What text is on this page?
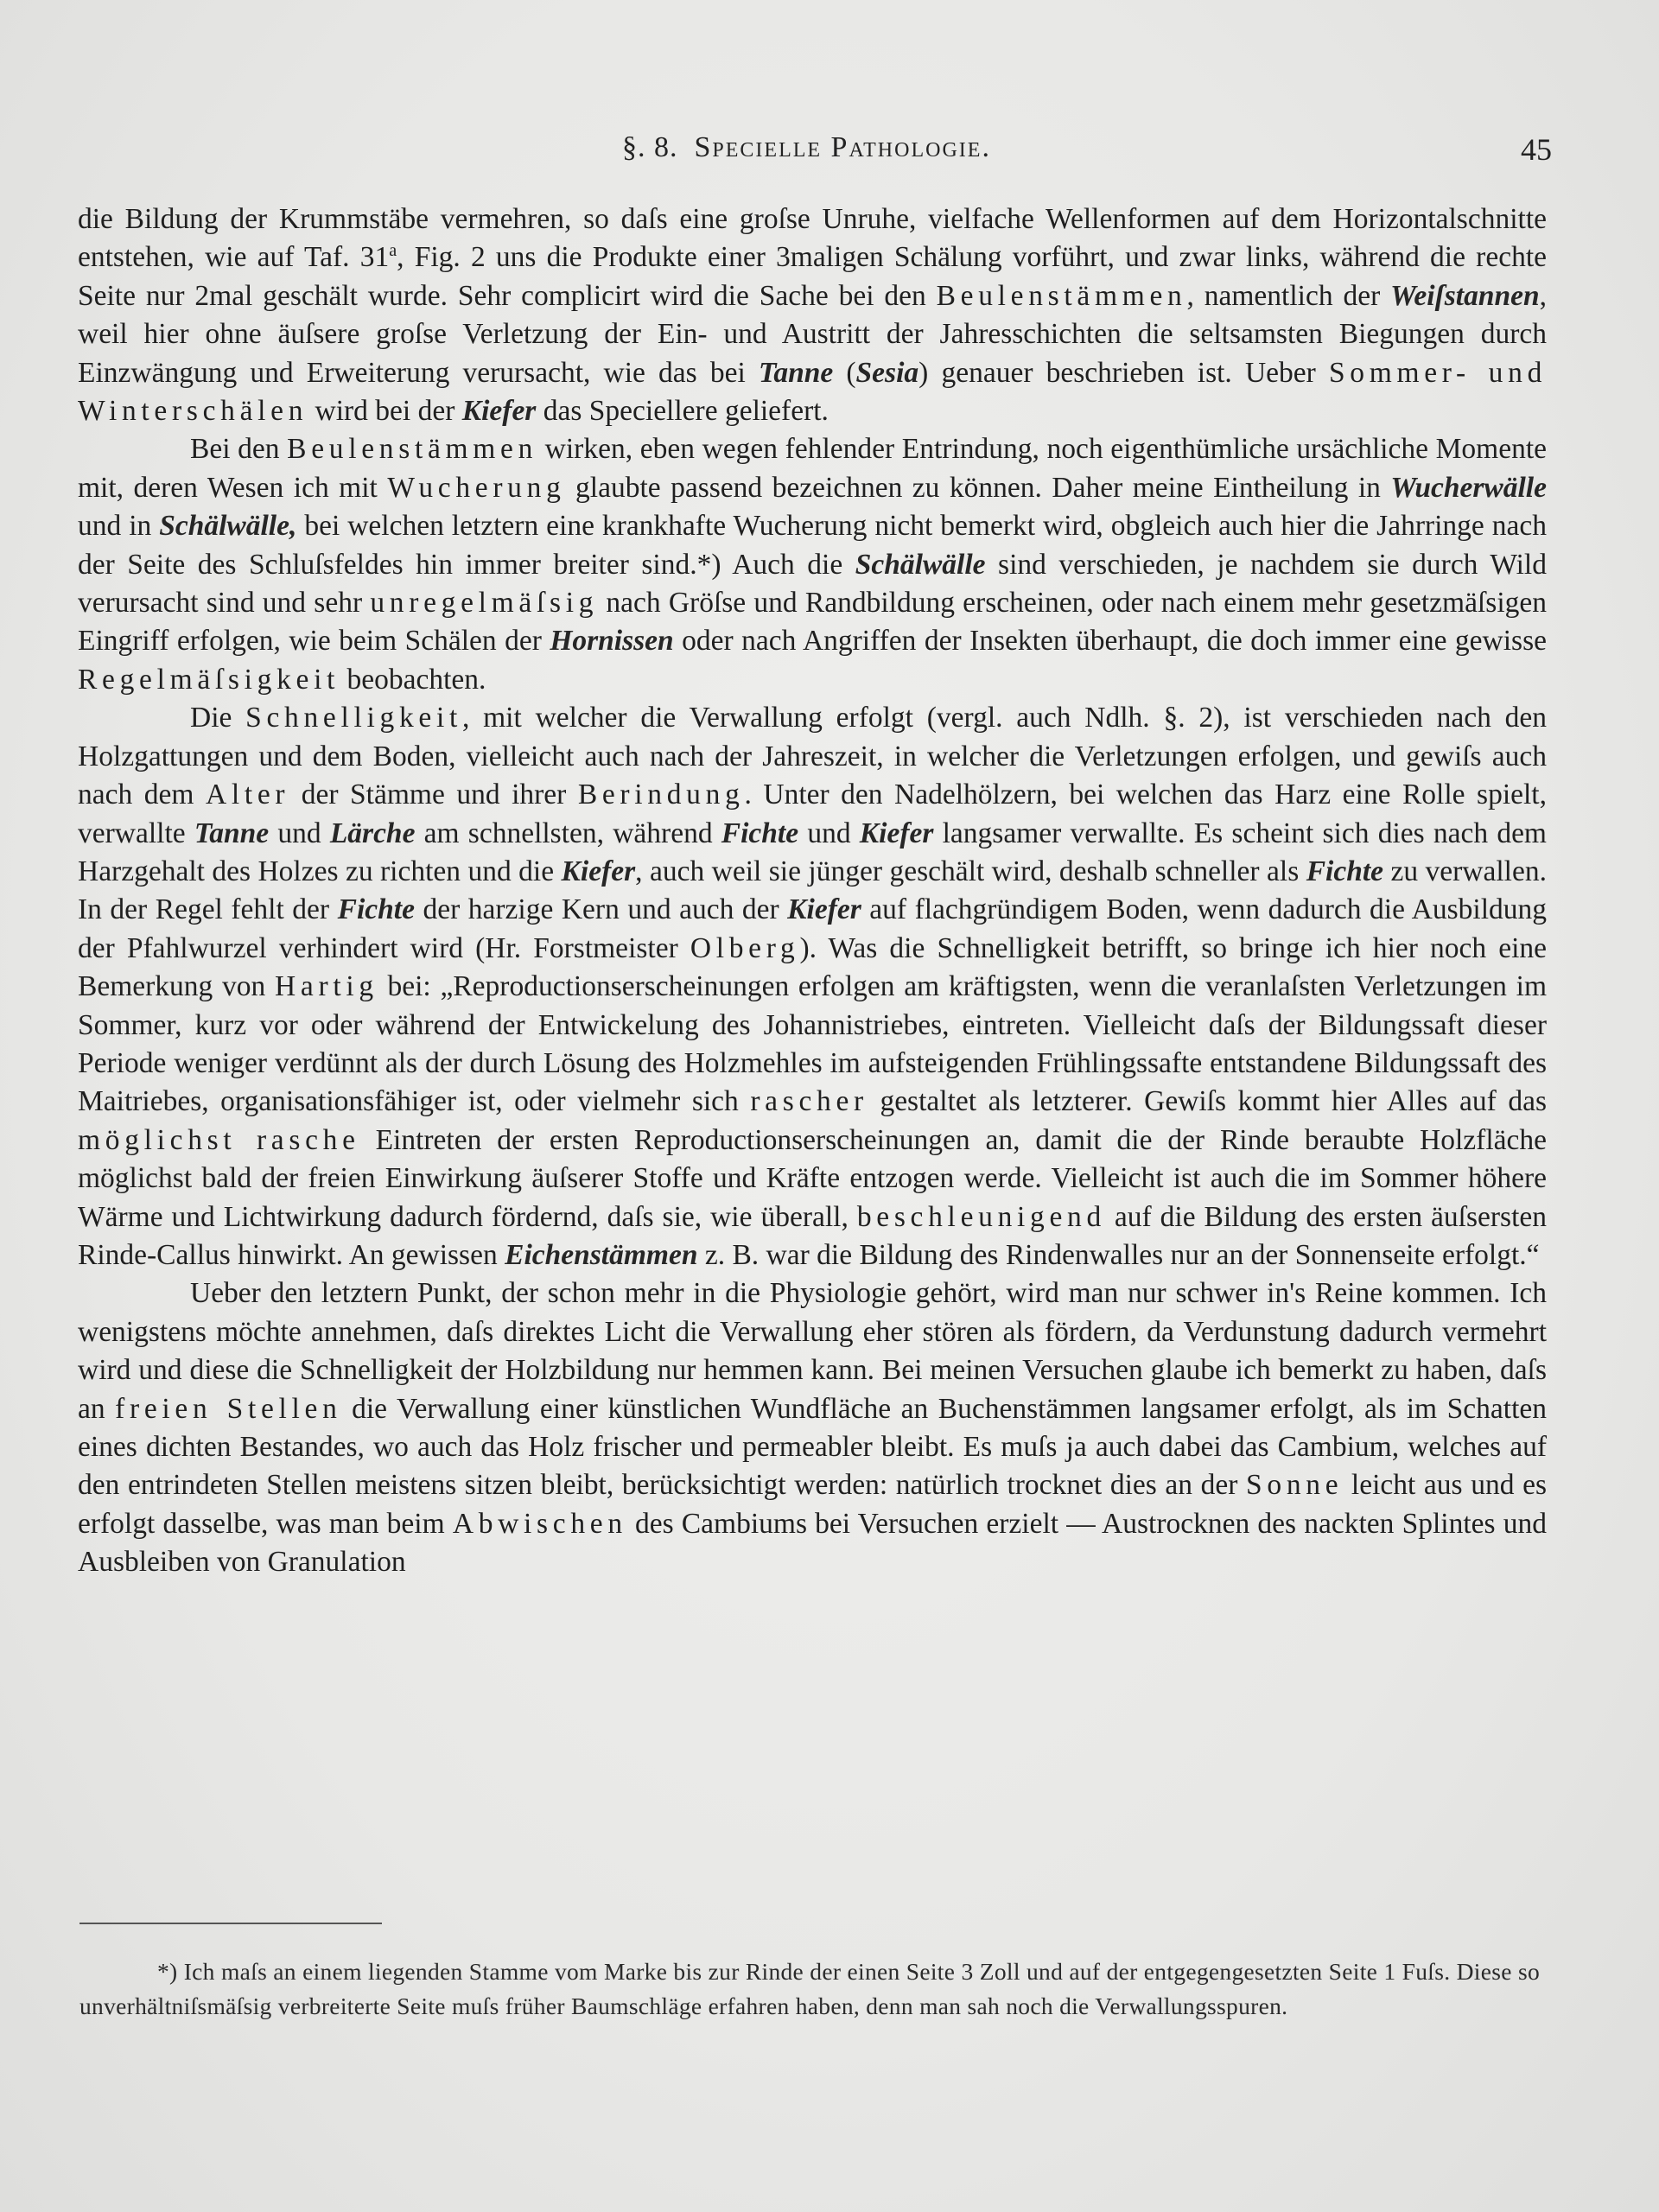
§. 8. Specielle Pathologie.	45

die Bildung der Krummstäbe vermehren, so daſs eine groſse Unruhe, vielfache Wellenformen auf dem Horizontalschnitte entstehen, wie auf Taf. 31$^a$, Fig. 2 uns die Produkte einer 3maligen Schälung vorführt, und zwar links, während die rechte Seite nur 2mal geschält wurde. Sehr complicirt wird die Sache bei den Beulenstämmen, namentlich der Weiſstannen, weil hier ohne äuſsere groſse Verletzung der Ein- und Austritt der Jahresschichten die seltsamsten Biegungen durch Einzwängung und Erweiterung verursacht, wie das bei Tanne (Sesia) genauer beschrieben ist. Ueber Sommer- und Winterschälen wird bei der Kiefer das Speciellere geliefert.

Bei den Beulenstämmen wirken, eben wegen fehlender Entrindung, noch eigenthümliche ursächliche Momente mit, deren Wesen ich mit Wucherung glaubte passend bezeichnen zu können. Daher meine Eintheilung in Wucherwälle und in Schälwälle, bei welchen letztern eine krankhafte Wucherung nicht bemerkt wird, obgleich auch hier die Jahrringe nach der Seite des Schluſsfeldes hin immer breiter sind.*) Auch die Schälwälle sind verschieden, je nachdem sie durch Wild verursacht sind und sehr unregelmäſsig nach Gröſse und Randbildung erscheinen, oder nach einem mehr gesetzmäſsigen Eingriff erfolgen, wie beim Schälen der Hornissen oder nach Angriffen der Insekten überhaupt, die doch immer eine gewisse Regelmäſsigkeit beobachten.

Die Schnelligkeit, mit welcher die Verwallung erfolgt (vergl. auch Ndlh. §. 2), ist verschieden nach den Holzgattungen und dem Boden, vielleicht auch nach der Jahreszeit, in welcher die Verletzungen erfolgen, und gewiſs auch nach dem Alter der Stämme und ihrer Berindung. Unter den Nadelhölzern, bei welchen das Harz eine Rolle spielt, verwallte Tanne und Lärche am schnellsten, während Fichte und Kiefer langsamer verwallte. Es scheint sich dies nach dem Harzgehalt des Holzes zu richten und die Kiefer, auch weil sie jünger geschält wird, deshalb schneller als Fichte zu verwallen. In der Regel fehlt der Fichte der harzige Kern und auch der Kiefer auf flachgründigem Boden, wenn dadurch die Ausbildung der Pfahlwurzel verhindert wird (Hr. Forstmeister Olberg). Was die Schnelligkeit betrifft, so bringe ich hier noch eine Bemerkung von Hartig bei: „Reproductionserscheinungen erfolgen am kräftigsten, wenn die veranlaſsten Verletzungen im Sommer, kurz vor oder während der Entwickelung des Johannistriebes, eintreten. Vielleicht daſs der Bildungssaft dieser Periode weniger verdünnt als der durch Lösung des Holzmehles im aufsteigenden Frühlingssafte entstandene Bildungssaft des Maitriebes, organisationsfähiger ist, oder vielmehr sich rascher gestaltet als letzterer. Gewiſs kommt hier Alles auf das möglichst rasche Eintreten der ersten Reproductionserscheinungen an, damit die der Rinde beraubte Holzfläche möglichst bald der freien Einwirkung äuſserer Stoffe und Kräfte entzogen werde. Vielleicht ist auch die im Sommer höhere Wärme und Lichtwirkung dadurch fördernd, daſs sie, wie überall, beschleunigend auf die Bildung des ersten äuſsersten Rinde-Callus hinwirkt. An gewissen Eichenstämmen z. B. war die Bildung des Rindenwalles nur an der Sonnenseite erfolgt.“

Ueber den letztern Punkt, der schon mehr in die Physiologie gehört, wird man nur schwer in's Reine kommen. Ich wenigstens möchte annehmen, daſs direktes Licht die Verwallung eher stören als fördern, da Verdunstung dadurch vermehrt wird und diese die Schnelligkeit der Holzbildung nur hemmen kann. Bei meinen Versuchen glaube ich bemerkt zu haben, daſs an freien Stellen die Verwallung einer künstlichen Wundfläche an Buchenstämmen langsamer erfolgt, als im Schatten eines dichten Bestandes, wo auch das Holz frischer und permeabler bleibt. Es muſs ja auch dabei das Cambium, welches auf den entrindeten Stellen meistens sitzen bleibt, berücksichtigt werden: natürlich trocknet dies an der Sonne leicht aus und es erfolgt dasselbe, was man beim Abwischen des Cambiums bei Versuchen erzielt — Austrocknen des nackten Splintes und Ausbleiben von Granulation

*) Ich maſs an einem liegenden Stamme vom Marke bis zur Rinde der einen Seite 3 Zoll und auf der entgegengesetzten Seite 1 Fuſs. Diese so unverhältniſsmäſsig verbreiterte Seite muſs früher Baumschläge erfahren haben, denn man sah noch die Verwallungsspuren.
